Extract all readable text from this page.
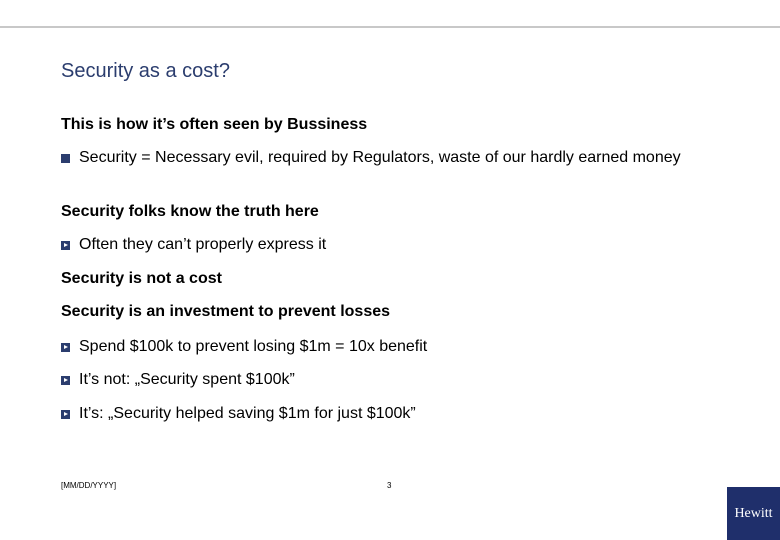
Security as a cost?
This is how it’s often seen by Bussiness
Security = Necessary evil, required by Regulators, waste of our hardly earned money
Security folks know the truth here
Often they can’t properly express it
Security is not a cost
Security is an investment to prevent losses
Spend $100k to prevent losing $1m = 10x benefit
It’s not: „Security spent $100k”
It’s: „Security helped saving $1m for just $100k”
[MM/DD/YYYY]	3
Hewitt
